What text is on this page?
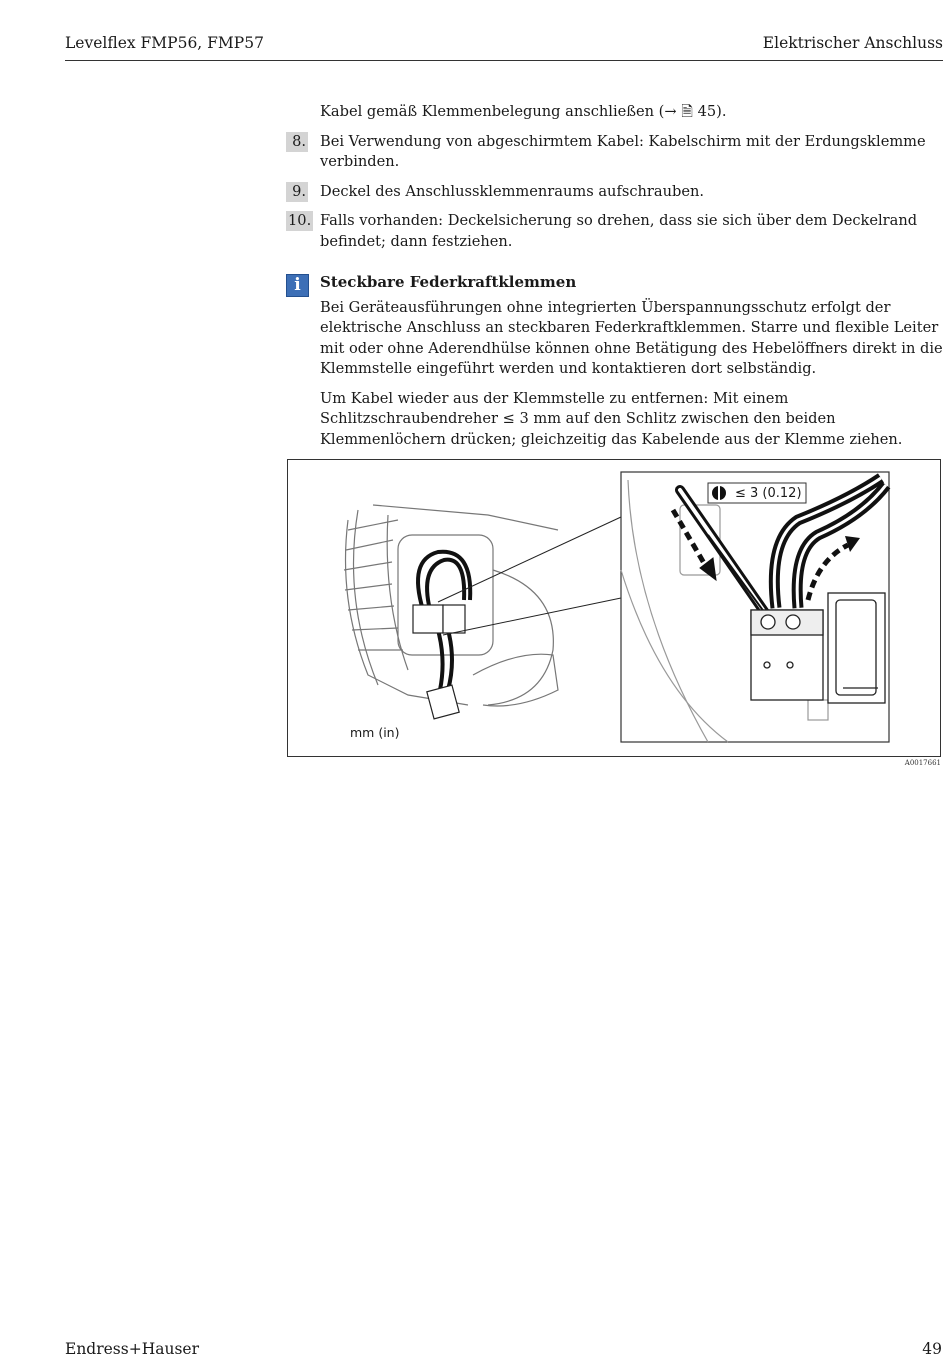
Levelflex FMP56, FMP57	Elektrischer Anschluss
Kabel gemäß Klemmenbelegung anschließen (→ 🗎 45).
8. Bei Verwendung von abgeschirmtem Kabel: Kabelschirm mit der Erdungsklemme verbinden.
9. Deckel des Anschlussklemmenraums aufschrauben.
10. Falls vorhanden: Deckelsicherung so drehen, dass sie sich über dem Deckelrand befindet; dann festziehen.
i	Steckbare Federkraftklemmen

Bei Geräteausführungen ohne integrierten Überspannungsschutz erfolgt der elektrische Anschluss an steckbaren Federkraftklemmen. Starre und flexible Leiter mit oder ohne Aderendhülse können ohne Betätigung des Hebelöffners direkt in die Klemmstelle eingeführt werden und kontaktieren dort selbständig.

Um Kabel wieder aus der Klemmstelle zu entfernen: Mit einem Schlitzschraubendreher ≤ 3 mm auf den Schlitz zwischen den beiden Klemmenlöchern drücken; gleichzeitig das Kabelende aus der Klemme ziehen.

mm (in)
≤ 3 (0.12)
A0017661
Endress+Hauser	49
